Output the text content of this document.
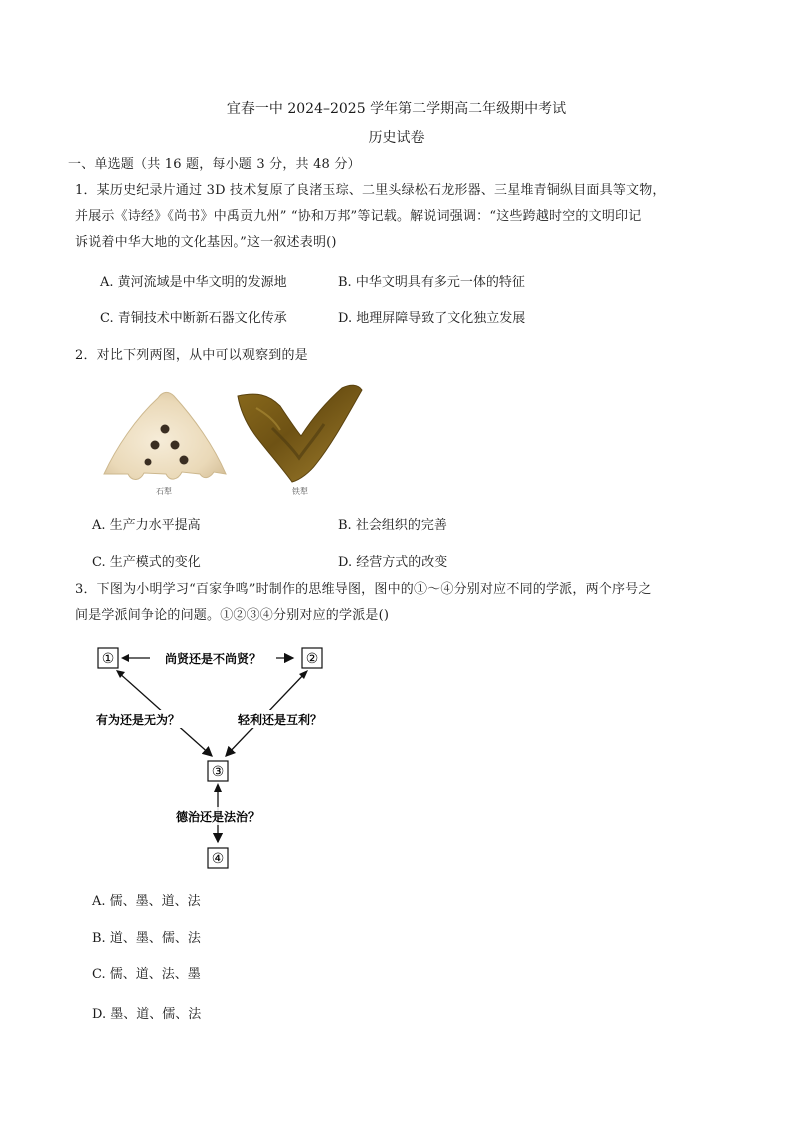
宜春一中 2024–2025 学年第二学期高二年级期中考试
历史试卷
一、单选题（共 16 题，每小题 3 分，共 48 分）
1．某历史纪录片通过 3D 技术复原了良渚玉琮、二里头绿松石龙形器、三星堆青铜纵目面具等文物，
并展示《诗经》《尚书》中禹贡九州” “协和万邦”等记载。解说词强调：“这些跨越时空的文明印记
诉说着中华大地的文化基因。”这一叙述表明()
A. 黄河流域是中华文明的发源地	B. 中华文明具有多元一体的特征
C. 青铜技术中断新石器文化传承	D. 地理屏障导致了文化独立发展
2．对比下列两图，从中可以观察到的是
石犁	铁犁
A. 生产力水平提高	B. 社会组织的完善
C. 生产模式的变化	D. 经营方式的改变
3．下图为小明学习“百家争鸣”时制作的思维导图，图中的①～④分别对应不同的学派，两个序号之
间是学派间争论的问题。①②③④分别对应的学派是()
①	②
③
④
尚贤还是不尚贤？
有为还是无为？	轻利还是互利？
德治还是法治？
A. 儒、墨、道、法
B. 道、墨、儒、法
C. 儒、道、法、墨
D. 墨、道、儒、法
